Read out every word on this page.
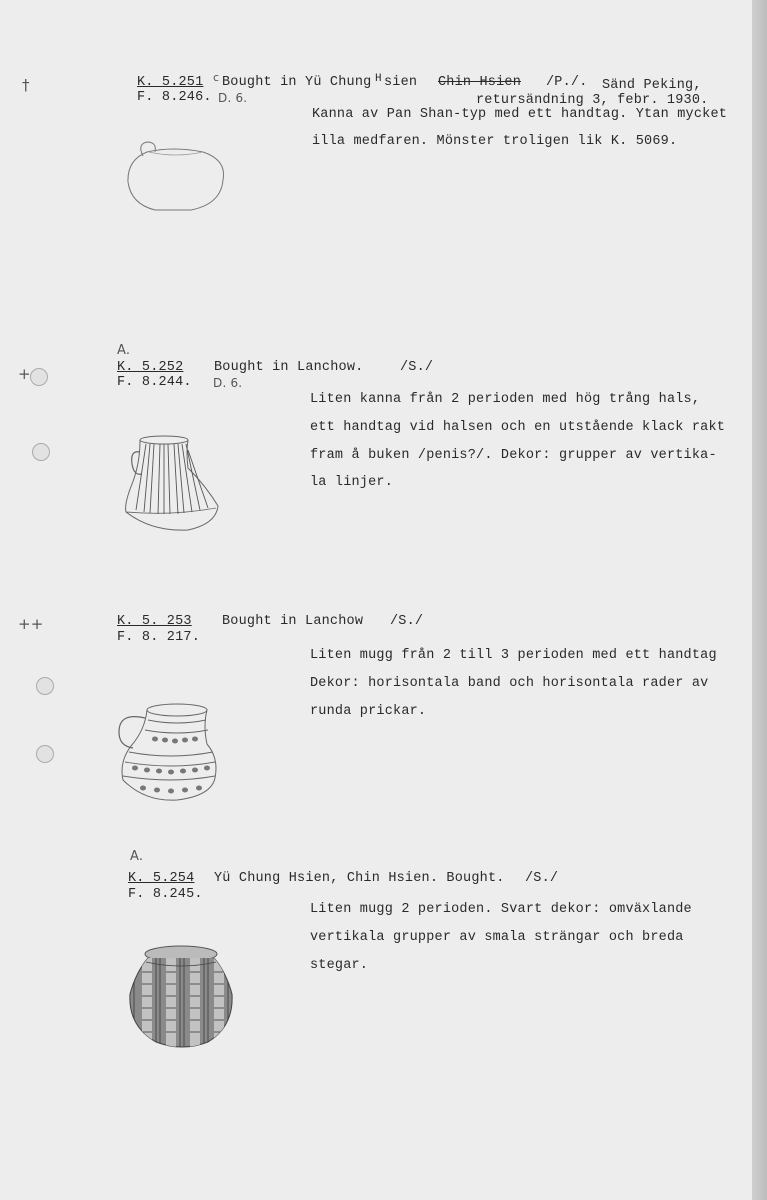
†
+
++
K. 5.251 c Bought in Yü Chung H sien Chin Hsien /P./. Sänd Peking,
retursändning 3, febr. 1930.
F. 8.246. D. 6.
Kanna av Pan Shan-typ med ett handtag. Ytan mycket
illa medfaren. Mönster troligen lik K. 5069.
A.
K. 5.252 Bought in Lanchow.	/S./
F. 8.244. D. 6.
Liten kanna från 2 perioden med hög trång hals,
ett handtag vid halsen och en utstående klack rakt
fram å buken /penis?/. Dekor: grupper av vertika-
la linjer.
K. 5. 253 Bought in Lanchow /S./
F. 8. 217.
Liten mugg från 2 till 3 perioden med ett handtag
Dekor: horisontala band och horisontala rader av
runda prickar.
A.
K. 5.254 Yü Chung Hsien, Chin Hsien. Bought. /S./
F. 8.245.
Liten mugg 2 perioden. Svart dekor: omväxlande
vertikala grupper av smala strängar och breda
stegar.
